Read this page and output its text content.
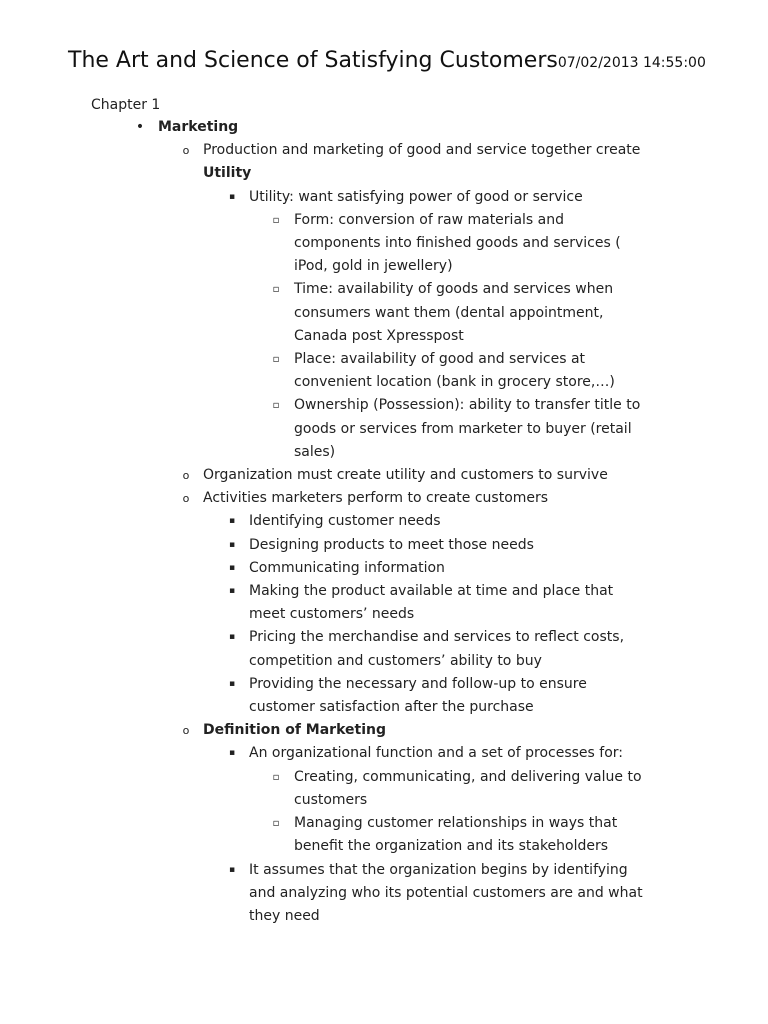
The Art and Science of Satisfying Customers07/02/2013 14:55:00
Chapter 1
• Marketing
o Production and marketing of good and service together create
Utility
▪ Utility: want satisfying power of good or service
▫ Form: conversion of raw materials and
components into finished goods and services (
iPod, gold in jewellery)
▫ Time: availability of goods and services when
consumers want them (dental appointment,
Canada post Xpresspost
▫ Place: availability of good and services at
convenient location (bank in grocery store,…)
▫ Ownership (Possession): ability to transfer title to
goods or services from marketer to buyer (retail
sales)
o Organization must create utility and customers to survive
o Activities marketers perform to create customers
▪ Identifying customer needs
▪ Designing products to meet those needs
▪ Communicating information
▪ Making the product available at time and place that
meet customers’ needs
▪ Pricing the merchandise and services to reflect costs,
competition and customers’ ability to buy
▪ Providing the necessary and follow-up to ensure
customer satisfaction after the purchase
o Definition of Marketing
▪ An organizational function and a set of processes for:
▫ Creating, communicating, and delivering value to
customers
▫ Managing customer relationships in ways that
benefit the organization and its stakeholders
▪ It assumes that the organization begins by identifying
and analyzing who its potential customers are and what
they need
